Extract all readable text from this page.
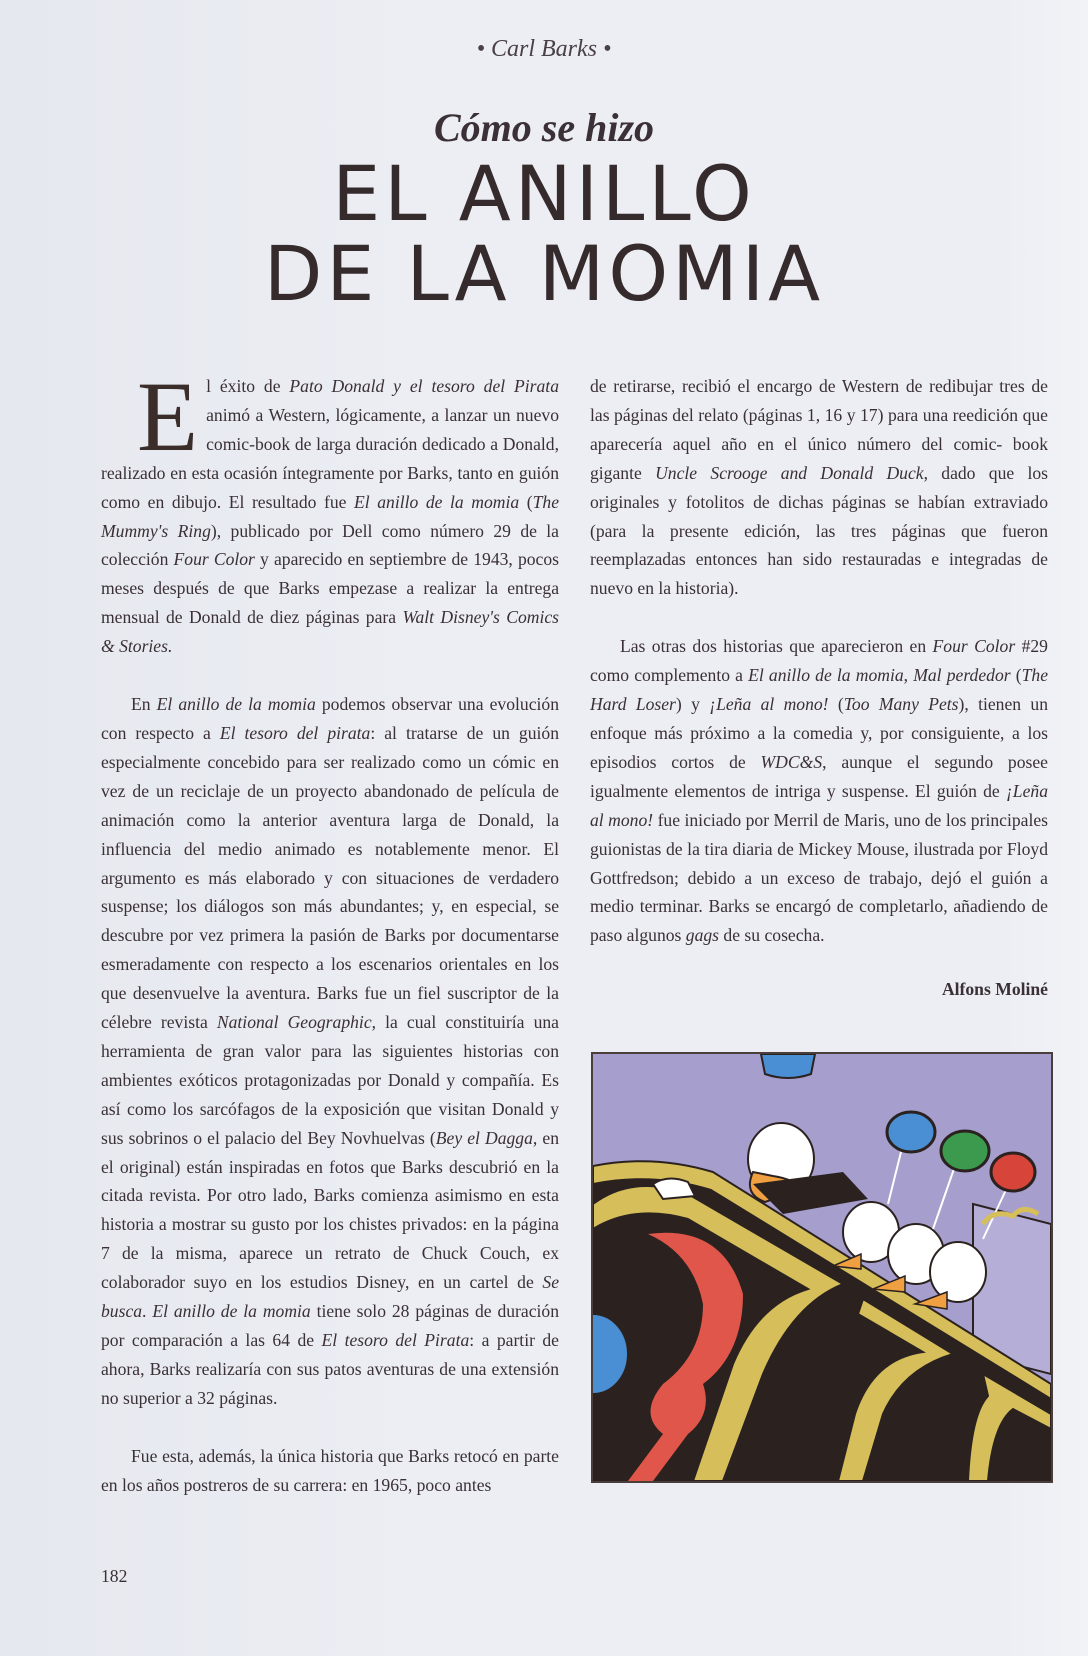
• Carl Barks •
Cómo se hizo
EL ANILLO
DE LA MOMIA

E l éxito de Pato Donald y el tesoro del Pirata animó a Western, lógicamente, a lanzar un nuevo comic-book de larga duración dedicado a Donald, realizado en esta ocasión íntegramente por Barks, tanto en guión como en dibujo. El resultado fue El anillo de la momia (The Mummy's Ring), publicado por Dell como número 29 de la colección Four Color y aparecido en septiembre de 1943, pocos meses después de que Barks empezase a realizar la entrega mensual de Donald de diez páginas para Walt Disney's Comics & Stories.

En El anillo de la momia podemos observar una evolución con respecto a El tesoro del pirata: al tratarse de un guión especialmente concebido para ser realizado como un cómic en vez de un reciclaje de un proyecto abandonado de película de animación como la anterior aventura larga de Donald, la influencia del medio animado es notablemente menor. El argumento es más elaborado y con situaciones de verdadero suspense; los diálogos son más abundantes; y, en especial, se descubre por vez primera la pasión de Barks por documentarse esmeradamente con respecto a los escenarios orientales en los que desenvuelve la aventura. Barks fue un fiel suscriptor de la célebre revista National Geographic, la cual constituiría una herramienta de gran valor para las siguientes historias con ambientes exóticos protagonizadas por Donald y compañía. Es así como los sarcófagos de la exposición que visitan Donald y sus sobrinos o el palacio del Bey Novhuelvas (Bey el Dagga, en el original) están inspiradas en fotos que Barks descubrió en la citada revista. Por otro lado, Barks comienza asimismo en esta historia a mostrar su gusto por los chistes privados: en la página 7 de la misma, aparece un retrato de Chuck Couch, ex colaborador suyo en los estudios Disney, en un cartel de Se busca. El anillo de la momia tiene solo 28 páginas de duración por comparación a las 64 de El tesoro del Pirata: a partir de ahora, Barks realizaría con sus patos aventuras de una extensión no superior a 32 páginas.

Fue esta, además, la única historia que Barks retocó en parte en los años postreros de su carrera: en 1965, poco antes

de retirarse, recibió el encargo de Western de redibujar tres de las páginas del relato (páginas 1, 16 y 17) para una reedición que aparecería aquel año en el único número del comic- book gigante Uncle Scrooge and Donald Duck, dado que los originales y fotolitos de dichas páginas se habían extraviado (para la presente edición, las tres páginas que fueron reemplazadas entonces han sido restauradas e integradas de nuevo en la historia).

Las otras dos historias que aparecieron en Four Color #29 como complemento a El anillo de la momia, Mal perdedor (The Hard Loser) y ¡Leña al mono! (Too Many Pets), tienen un enfoque más próximo a la comedia y, por consiguiente, a los episodios cortos de WDC&S, aunque el segundo posee igualmente elementos de intriga y suspense. El guión de ¡Leña al mono! fue iniciado por Merril de Maris, uno de los principales guionistas de la tira diaria de Mickey Mouse, ilustrada por Floyd Gottfredson; debido a un exceso de trabajo, dejó el guión a medio terminar. Barks se encargó de completarlo, añadiendo de paso algunos gags de su cosecha.

Alfons Moliné
182
